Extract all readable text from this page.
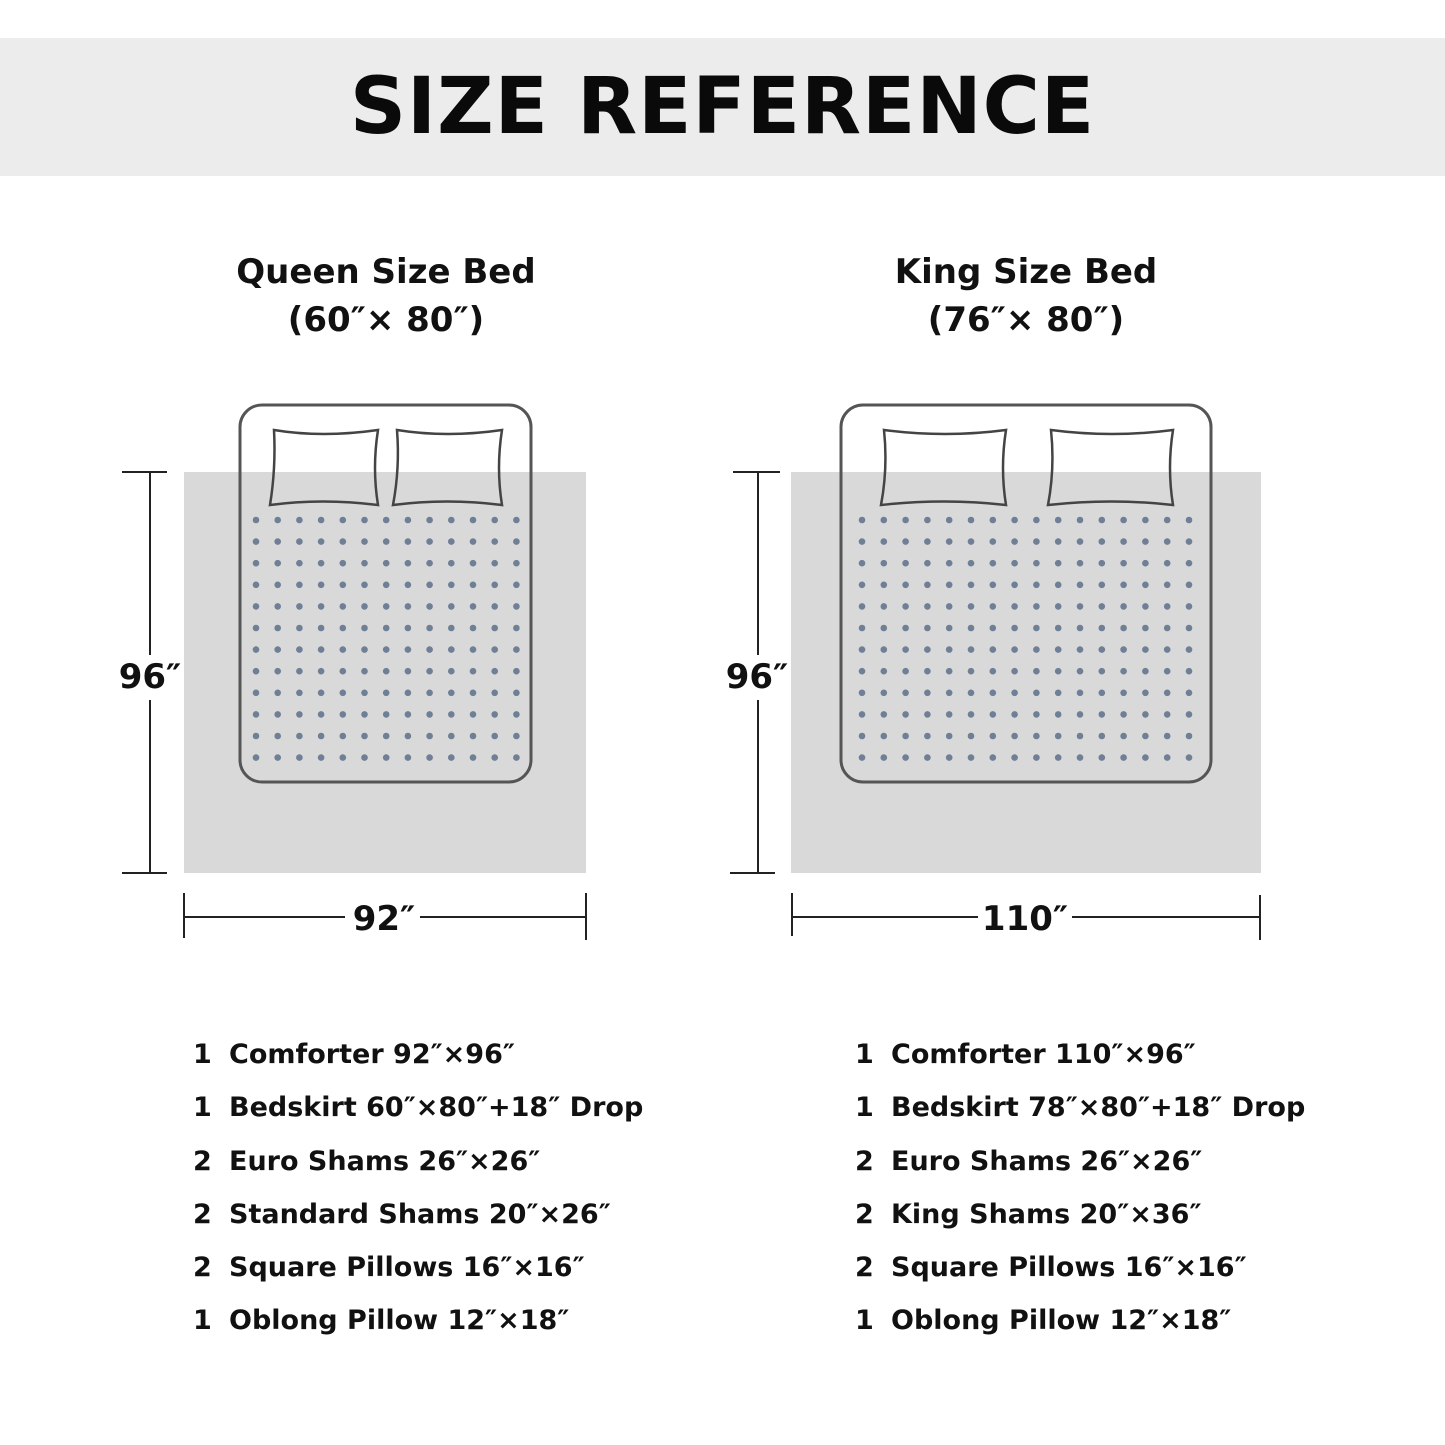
SIZE REFERENCE
Queen Size Bed
(60″× 80″)
King Size Bed
(76″× 80″)
96″
92″
96″
110″
1 Comforter 92″×96″
1 Bedskirt 60″×80″+18″ Drop
2 Euro Shams 26″×26″
2 Standard Shams 20″×26″
2 Square Pillows 16″×16″
1 Oblong Pillow 12″×18″
1 Comforter 110″×96″
1 Bedskirt 78″×80″+18″ Drop
2 Euro Shams 26″×26″
2 King Shams 20″×36″
2 Square Pillows 16″×16″
1 Oblong Pillow 12″×18″
